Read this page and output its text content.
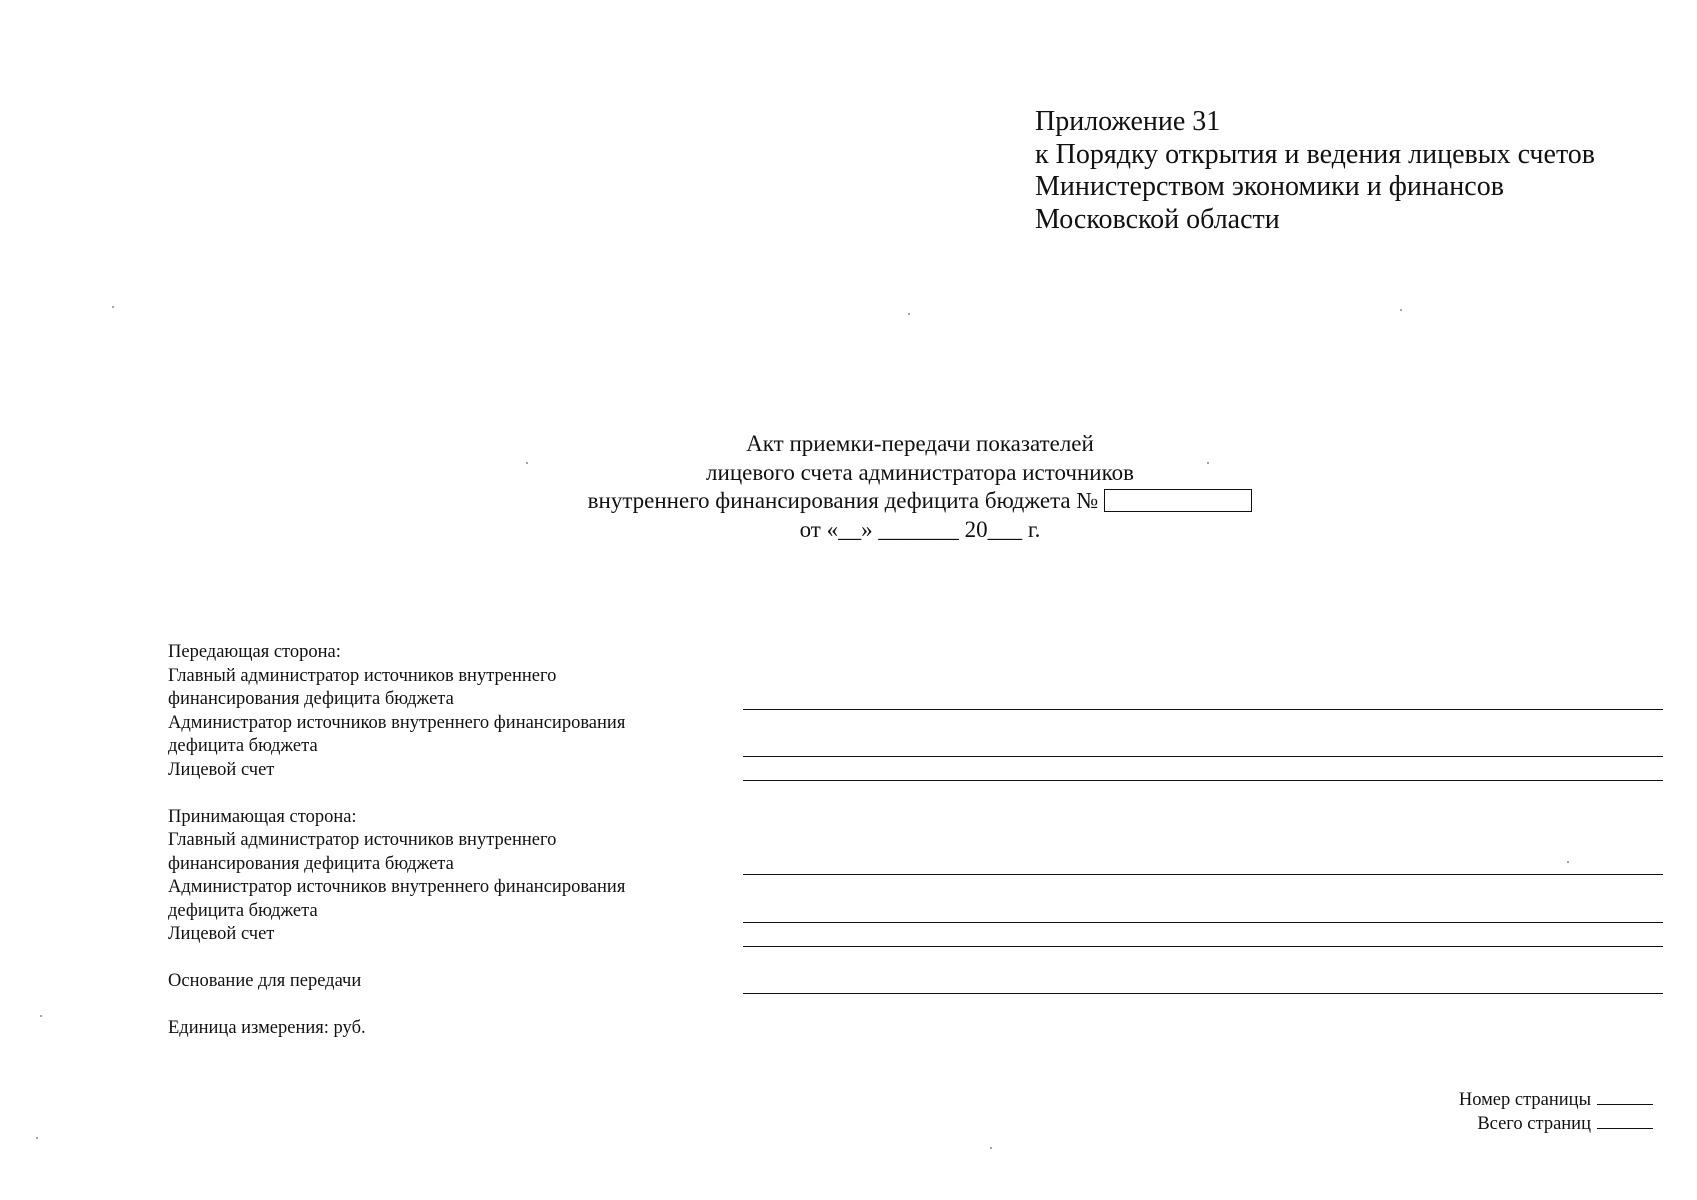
Приложение 31
к Порядку открытия и ведения лицевых счетов
Министерством экономики и финансов
Московской области
Акт приемки-передачи показателей
лицевого счета администратора источников
внутреннего финансирования дефицита бюджета №
от «__» _______ 20___ г.
Передающая сторона:
Главный администратор источников внутреннего
финансирования дефицита бюджета
Администратор источников внутреннего финансирования
дефицита бюджета
Лицевой счет
Принимающая сторона:
Главный администратор источников внутреннего
финансирования дефицита бюджета
Администратор источников внутреннего финансирования
дефицита бюджета
Лицевой счет
Основание для передачи
Единица измерения: руб.
Номер страницы
Всего страниц
